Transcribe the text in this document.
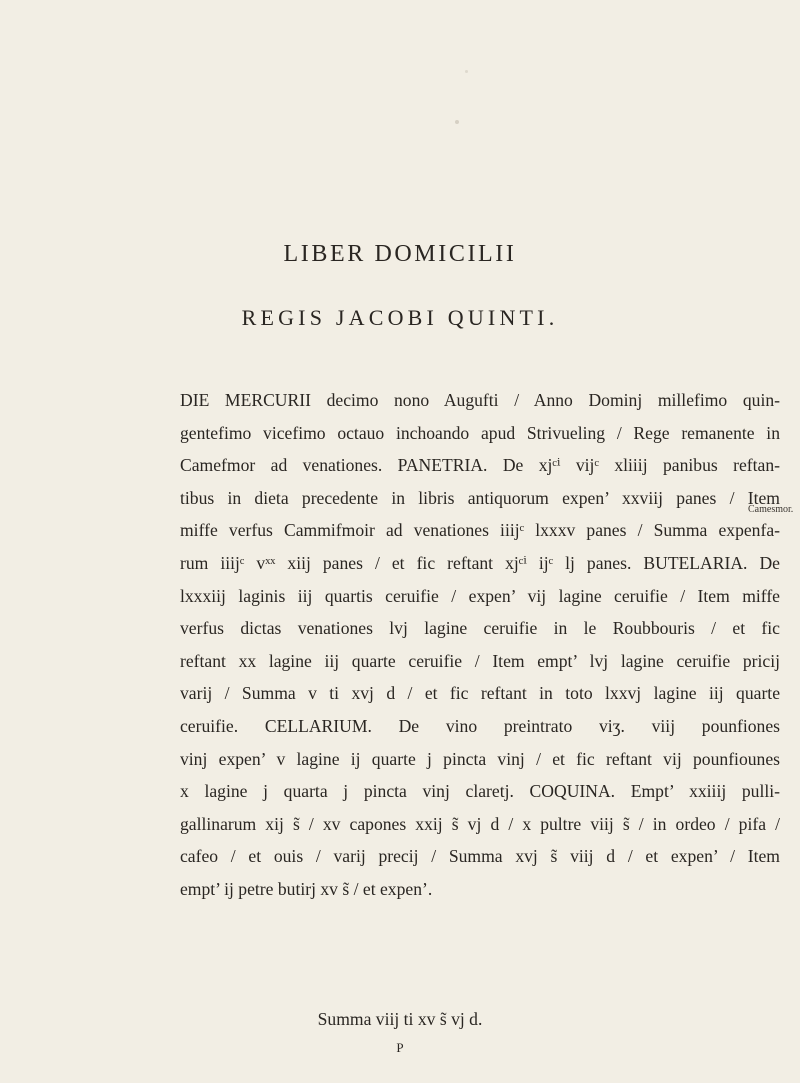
LIBER DOMICILII
REGIS JACOBI QUINTI.
DIE MERCURII decimo nono Augufti / Anno Dominj millefimo quin-
gentefimo vicefimo octauo inchoando apud Strivueling / Rege remanente in
Camefmor ad venationes. PANETRIA. De xjᶜⁱ vijᶜ xliiij panibus reftan-
tibus in dieta precedente in libris antiquorum expen’ xxviij panes / Item
miffe verfus Cammifmoir ad venationes iiijᶜ lxxxv panes / Summa expenfa-
rum iiijᶜ vˣˣ xiij panes / et fic reftant xjᶜⁱ ijᶜ lj panes. BUTELARIA. De
lxxxiij laginis iij quartis ceruifie / expen’ vij lagine ceruifie / Item miffe
verfus dictas venationes lvj lagine ceruifie in le Roubbouris / et fic
reftant xx lagine iij quarte ceruifie / Item empt’ lvj lagine ceruifie pricij
varij / Summa v ti xvj d / et fic reftant in toto lxxvj lagine iij quarte
ceruifie. CELLARIUM. De vino preintrato viʒ. viij pounfiones
vinj expen’ v lagine ij quarte j pincta vinj / et fic reftant vij pounfiounes
x lagine j quarta j pincta vinj claretj. COQUINA. Empt’ xxiiij pulli-
gallinarum xij s̃ / xv capones xxij s̃ vj d / x pultre viij s̃ / in ordeo / pifa /
cafeo / et ouis / varij precij / Summa xvj s̃ viij d / et expen’ / Item
empt’ ij petre butirj xv s̃ / et expen’.
Summa viij ti xv s̃ vj d.
P
Camesmor.
